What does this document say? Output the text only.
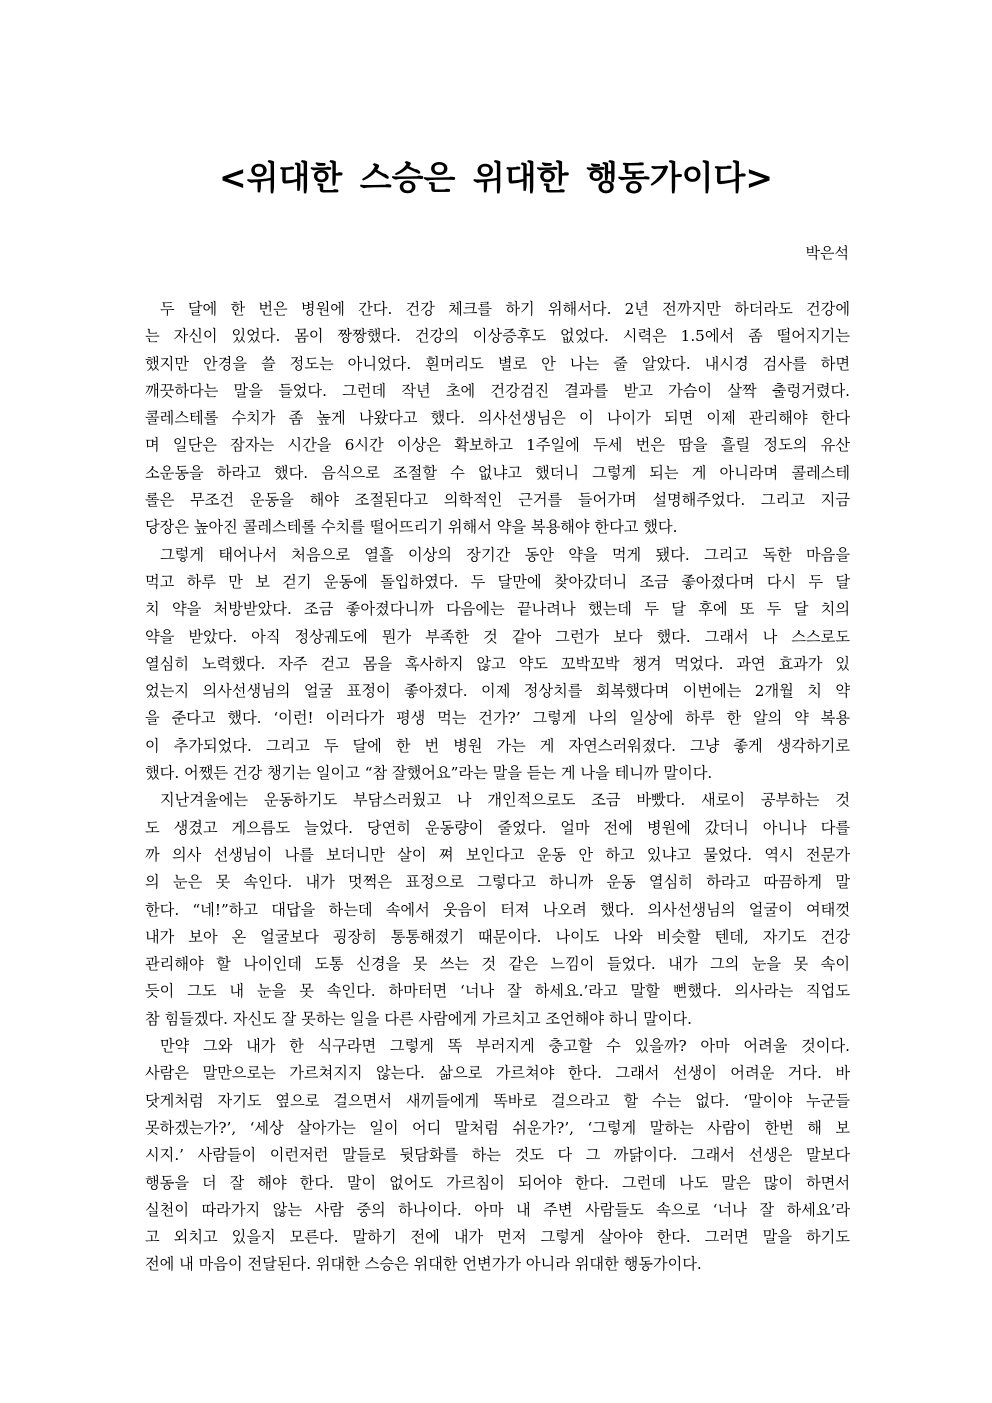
<위대한 스승은 위대한 행동가이다>
박은석
두 달에 한 번은 병원에 간다. 건강 체크를 하기 위해서다. 2년 전까지만 하더라도 건강에
는 자신이 있었다. 몸이 짱짱했다. 건강의 이상증후도 없었다. 시력은 1.5에서 좀 떨어지기는
했지만 안경을 쓸 정도는 아니었다. 흰머리도 별로 안 나는 줄 알았다. 내시경 검사를 하면
깨끗하다는 말을 들었다. 그런데 작년 초에 건강검진 결과를 받고 가슴이 살짝 출렁거렸다.
콜레스테롤 수치가 좀 높게 나왔다고 했다. 의사선생님은 이 나이가 되면 이제 관리해야 한다
며 일단은 잠자는 시간을 6시간 이상은 확보하고 1주일에 두세 번은 땀을 흘릴 정도의 유산
소운동을 하라고 했다. 음식으로 조절할 수 없냐고 했더니 그렇게 되는 게 아니라며 콜레스테
롤은 무조건 운동을 해야 조절된다고 의학적인 근거를 들어가며 설명해주었다. 그리고 지금
당장은 높아진 콜레스테롤 수치를 떨어뜨리기 위해서 약을 복용해야 한다고 했다.
그렇게 태어나서 처음으로 열흘 이상의 장기간 동안 약을 먹게 됐다. 그리고 독한 마음을
먹고 하루 만 보 걷기 운동에 돌입하였다. 두 달만에 찾아갔더니 조금 좋아졌다며 다시 두 달
치 약을 처방받았다. 조금 좋아졌다니까 다음에는 끝나려나 했는데 두 달 후에 또 두 달 치의
약을 받았다. 아직 정상궤도에 뭔가 부족한 것 같아 그런가 보다 했다. 그래서 나 스스로도
열심히 노력했다. 자주 걷고 몸을 혹사하지 않고 약도 꼬박꼬박 챙겨 먹었다. 과연 효과가 있
었는지 의사선생님의 얼굴 표정이 좋아졌다. 이제 정상치를 회복했다며 이번에는 2개월 치 약
을 준다고 했다. ‘이런! 이러다가 평생 먹는 건가?’ 그렇게 나의 일상에 하루 한 알의 약 복용
이 추가되었다. 그리고 두 달에 한 번 병원 가는 게 자연스러워졌다. 그냥 좋게 생각하기로
했다. 어쨌든 건강 챙기는 일이고 “참 잘했어요”라는 말을 듣는 게 나을 테니까 말이다.
지난겨울에는 운동하기도 부담스러웠고 나 개인적으로도 조금 바빴다. 새로이 공부하는 것
도 생겼고 게으름도 늘었다. 당연히 운동량이 줄었다. 얼마 전에 병원에 갔더니 아니나 다를
까 의사 선생님이 나를 보더니만 살이 쪄 보인다고 운동 안 하고 있냐고 물었다. 역시 전문가
의 눈은 못 속인다. 내가 멋쩍은 표정으로 그렇다고 하니까 운동 열심히 하라고 따끔하게 말
한다. “네!”하고 대답을 하는데 속에서 웃음이 터져 나오려 했다. 의사선생님의 얼굴이 여태껏
내가 보아 온 얼굴보다 굉장히 통통해졌기 때문이다. 나이도 나와 비슷할 텐데, 자기도 건강
관리해야 할 나이인데 도통 신경을 못 쓰는 것 같은 느낌이 들었다. 내가 그의 눈을 못 속이
듯이 그도 내 눈을 못 속인다. 하마터면 ‘너나 잘 하세요.’라고 말할 뻔했다. 의사라는 직업도
참 힘들겠다. 자신도 잘 못하는 일을 다른 사람에게 가르치고 조언해야 하니 말이다.
만약 그와 내가 한 식구라면 그렇게 똑 부러지게 충고할 수 있을까? 아마 어려울 것이다.
사람은 말만으로는 가르쳐지지 않는다. 삶으로 가르쳐야 한다. 그래서 선생이 어려운 거다. 바
닷게처럼 자기도 옆으로 걸으면서 새끼들에게 똑바로 걸으라고 할 수는 없다. ‘말이야 누군들
못하겠는가?’, ‘세상 살아가는 일이 어디 말처럼 쉬운가?’, ‘그렇게 말하는 사람이 한번 해 보
시지.’ 사람들이 이런저런 말들로 뒷담화를 하는 것도 다 그 까닭이다. 그래서 선생은 말보다
행동을 더 잘 해야 한다. 말이 없어도 가르침이 되어야 한다. 그런데 나도 말은 많이 하면서
실천이 따라가지 않는 사람 중의 하나이다. 아마 내 주변 사람들도 속으로 ‘너나 잘 하세요’라
고 외치고 있을지 모른다. 말하기 전에 내가 먼저 그렇게 살아야 한다. 그러면 말을 하기도
전에 내 마음이 전달된다. 위대한 스승은 위대한 언변가가 아니라 위대한 행동가이다.
